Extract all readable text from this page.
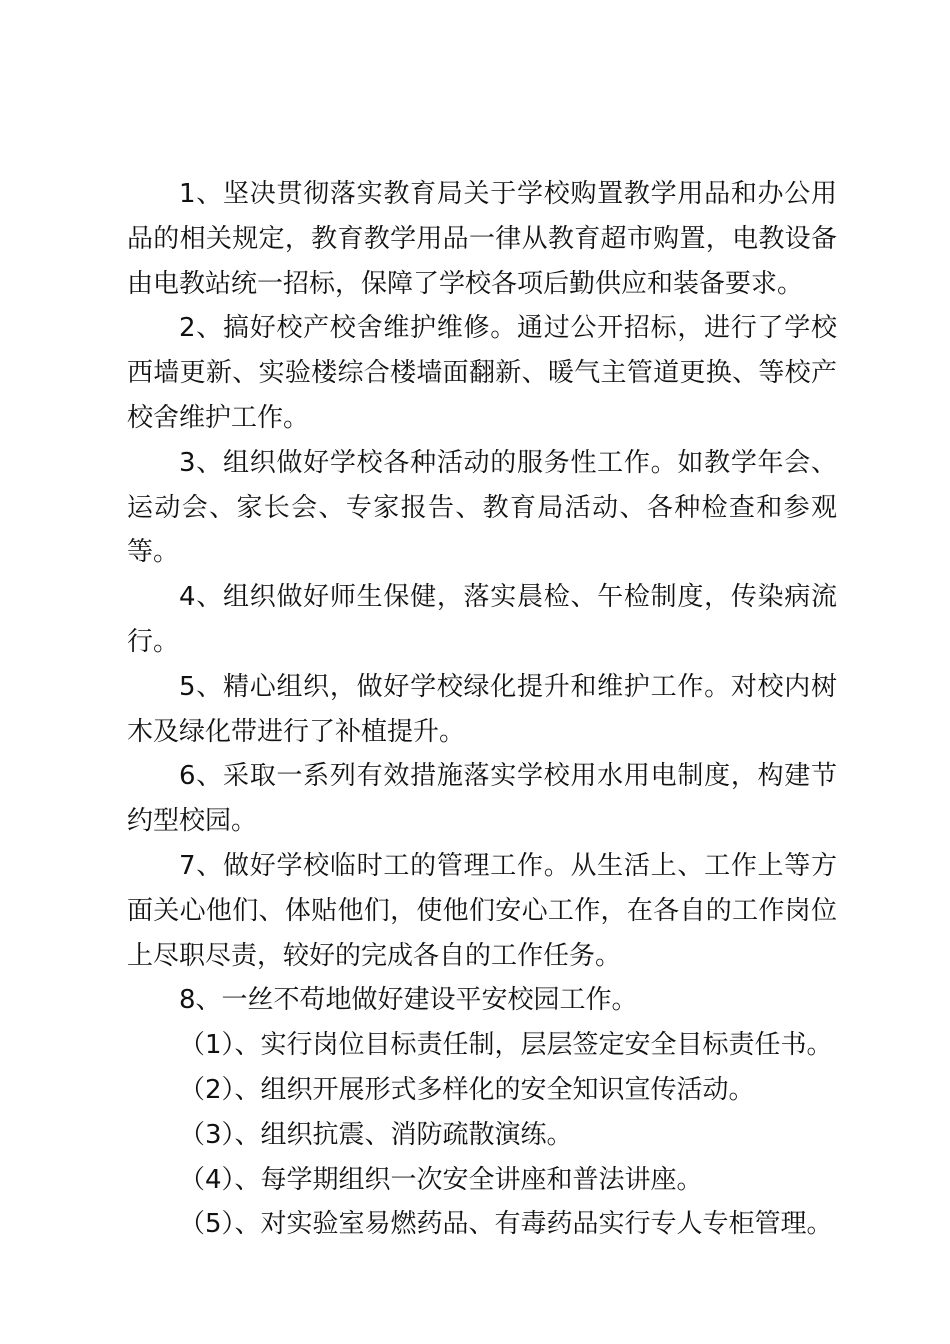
1、坚决贯彻落实教育局关于学校购置教学用品和办公用品的相关规定，教育教学用品一律从教育超市购置，电教设备由电教站统一招标，保障了学校各项后勤供应和装备要求。

2、搞好校产校舍维护维修。通过公开招标，进行了学校西墙更新、实验楼综合楼墙面翻新、暖气主管道更换、等校产校舍维护工作。

3、组织做好学校各种活动的服务性工作。如教学年会、运动会、家长会、专家报告、教育局活动、各种检查和参观等。

4、组织做好师生保健，落实晨检、午检制度，传染病流行。

5、精心组织，做好学校绿化提升和维护工作。对校内树木及绿化带进行了补植提升。

6、采取一系列有效措施落实学校用水用电制度，构建节约型校园。

7、做好学校临时工的管理工作。从生活上、工作上等方面关心他们、体贴他们，使他们安心工作，在各自的工作岗位上尽职尽责，较好的完成各自的工作任务。

8、一丝不苟地做好建设平安校园工作。

（1）、实行岗位目标责任制，层层签定安全目标责任书。

（2）、组织开展形式多样化的安全知识宣传活动。

（3）、组织抗震、消防疏散演练。

（4）、每学期组织一次安全讲座和普法讲座。

（5）、对实验室易燃药品、有毒药品实行专人专柜管理。
